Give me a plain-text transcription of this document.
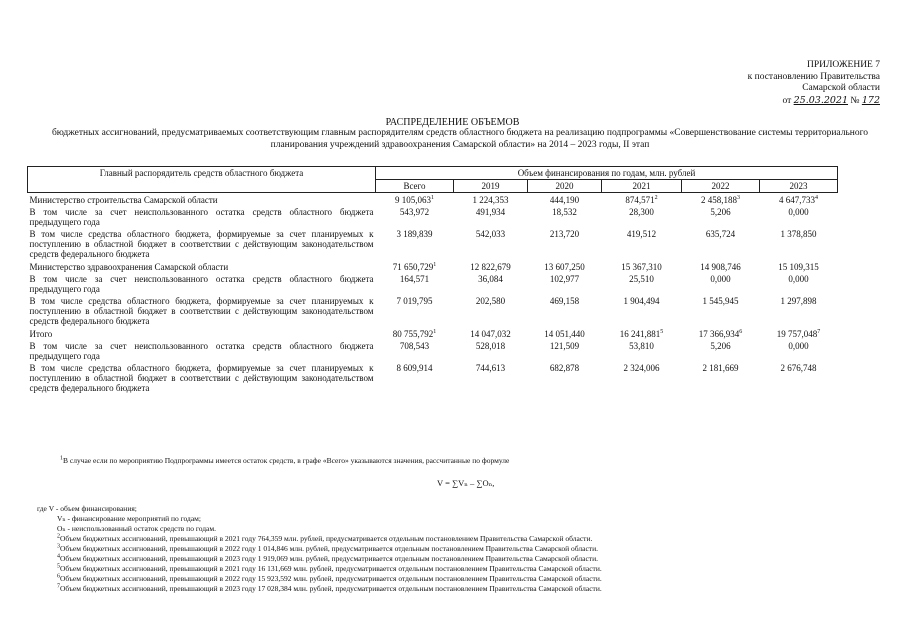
ПРИЛОЖЕНИЕ 7
к постановлению Правительства
Самарской области
от 25.03.2021 № 172
РАСПРЕДЕЛЕНИЕ ОБЪЕМОВ
бюджетных ассигнований, предусматриваемых соответствующим главным распорядителям средств областного бюджета на реализацию подпрограммы «Совершенствование системы территориального планирования учреждений здравоохранения Самарской области» на 2014 – 2023 годы, II этап
Главный распорядитель средств областного бюджета	Объем финансирования по годам, млн. рублей					
	Всего	2019	2020	2021	2022	2023
Министерство строительства Самарской области	9 105,063$^1$	1 224,353	444,190	874,571$^2$	2 458,188$^3$	4 647,733$^4$
В том числе за счет неиспользованного остатка средств областного бюджета предыдущего года	543,972	491,934	18,532	28,300	5,206	0,000
В том числе средства областного бюджета, формируемые за счет планируемых к поступлению в областной бюджет в соответствии с действующим законодательством средств федерального бюджета	3 189,839	542,033	213,720	419,512	635,724	1 378,850
Министерство здравоохранения Самарской области	71 650,729$^1$	12 822,679	13 607,250	15 367,310	14 908,746	15 109,315
В том числе за счет неиспользованного остатка средств областного бюджета предыдущего года	164,571	36,084	102,977	25,510	0,000	0,000
В том числе средства областного бюджета, формируемые за счет планируемых к поступлению в областной бюджет в соответствии с действующим законодательством средств федерального бюджета	7 019,795	202,580	469,158	1 904,494	1 545,945	1 297,898
Итого	80 755,792$^1$	14 047,032	14 051,440	16 241,881$^5$	17 366,934$^6$	19 757,048$^7$
В том числе за счет неиспользованного остатка средств областного бюджета предыдущего года	708,543	528,018	121,509	53,810	5,206	0,000
В том числе средства областного бюджета, формируемые за счет планируемых к поступлению в областной бюджет в соответствии с действующим законодательством средств федерального бюджета	8 609,914	744,613	682,878	2 324,006	2 181,669	2 676,748
$^1$В случае если по мероприятию Подпрограммы имеется остаток средств, в графе «Всего» указываются значения, рассчитанные по формуле
V = ∑Vₙ – ∑Oₙ,
где V - объем финансирования;
Vₙ - финансирование мероприятий по годам;
Oₙ - неиспользованный остаток средств по годам.
$^2$Объем бюджетных ассигнований, превышающий в 2021 году 764,359 млн. рублей, предусматривается отдельным постановлением Правительства Самарской области.
$^3$Объем бюджетных ассигнований, превышающий в 2022 году 1 014,846 млн. рублей, предусматривается отдельным постановлением Правительства Самарской области.
$^4$Объем бюджетных ассигнований, превышающий в 2023 году 1 919,069 млн. рублей, предусматривается отдельным постановлением Правительства Самарской области.
$^5$Объем бюджетных ассигнований, превышающий в 2021 году 16 131,669 млн. рублей, предусматривается отдельным постановлением Правительства Самарской области.
$^6$Объем бюджетных ассигнований, превышающий в 2022 году 15 923,592 млн. рублей, предусматривается отдельным постановлением Правительства Самарской области.
$^7$Объем бюджетных ассигнований, превышающий в 2023 году 17 028,384 млн. рублей, предусматривается отдельным постановлением Правительства Самарской области.
